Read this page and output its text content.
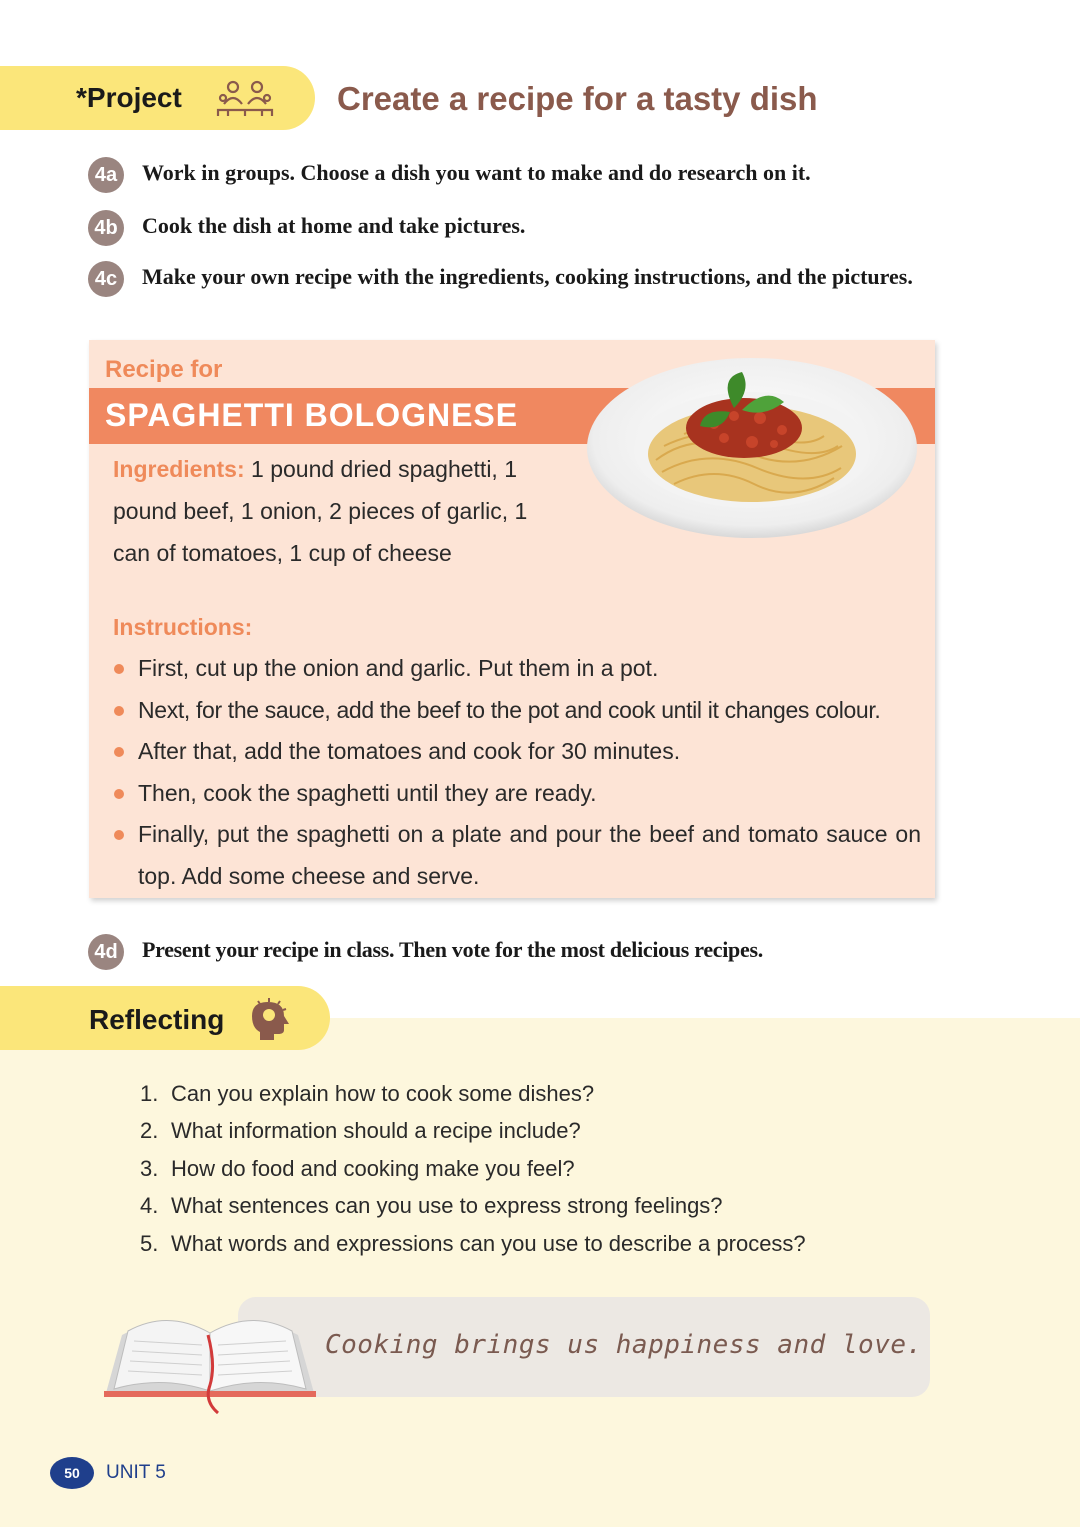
*Project	Create a recipe for a tasty dish
4a	Work in groups. Choose a dish you want to make and do research on it.
4b Cook the dish at home and take pictures.
4c	Make your own recipe with the ingredients, cooking instructions, and the pictures.
Recipe for
SPAGHETTI BOLOGNESE
Ingredients: 1 pound dried spaghetti, 1 pound beef, 1 onion, 2 pieces of garlic, 1 can of tomatoes, 1 cup of cheese
Instructions:
First, cut up the onion and garlic. Put them in a pot.
Next, for the sauce, add the beef to the pot and cook until it changes colour.
After that, add the tomatoes and cook for 30 minutes.
Then, cook the spaghetti until they are ready.
Finally, put the spaghetti on a plate and pour the beef and tomato sauce on top. Add some cheese and serve.
4d Present your recipe in class. Then vote for the most delicious recipes.
Reflecting
1. Can you explain how to cook some dishes?
2. What information should a recipe include?
3. How do food and cooking make you feel?
4. What sentences can you use to express strong feelings?
5. What words and expressions can you use to describe a process?
Cooking brings us happiness and love.
50	UNIT 5
